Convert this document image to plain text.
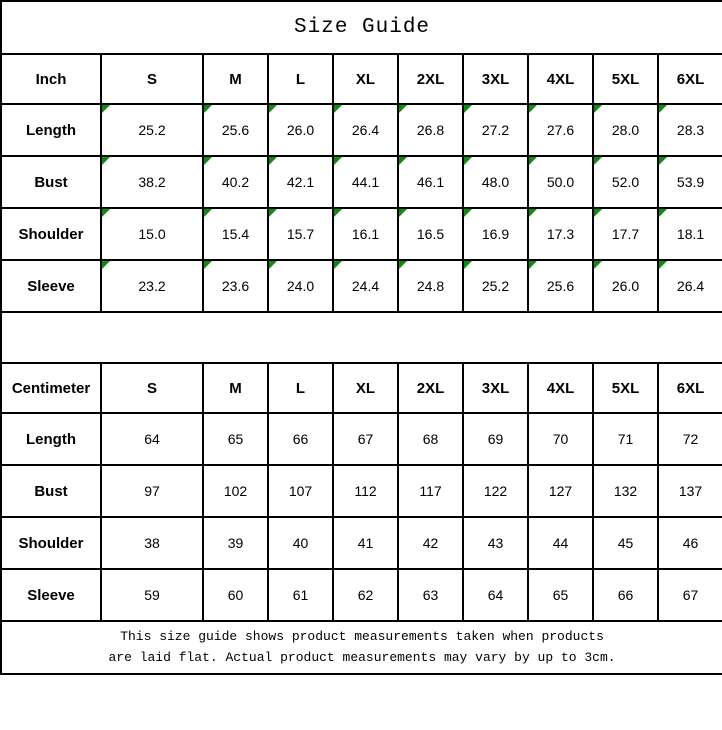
Size Guide									
Inch	S	M	L	XL	2XL	3XL	4XL	5XL	6XL
Length	25.2	25.6	26.0	26.4	26.8	27.2	27.6	28.0	28.3
Bust	38.2	40.2	42.1	44.1	46.1	48.0	50.0	52.0	53.9
Shoulder	15.0	15.4	15.7	16.1	16.5	16.9	17.3	17.7	18.1
Sleeve	23.2	23.6	24.0	24.4	24.8	25.2	25.6	26.0	26.4

Centimeter	S	M	L	XL	2XL	3XL	4XL	5XL	6XL
Length	64	65	66	67	68	69	70	71	72
Bust	97	102	107	112	117	122	127	132	137
Shoulder	38	39	40	41	42	43	44	45	46
Sleeve	59	60	61	62	63	64	65	66	67

This size guide shows product measurements taken when products
are laid flat. Actual product measurements may vary by up to 3cm.									
